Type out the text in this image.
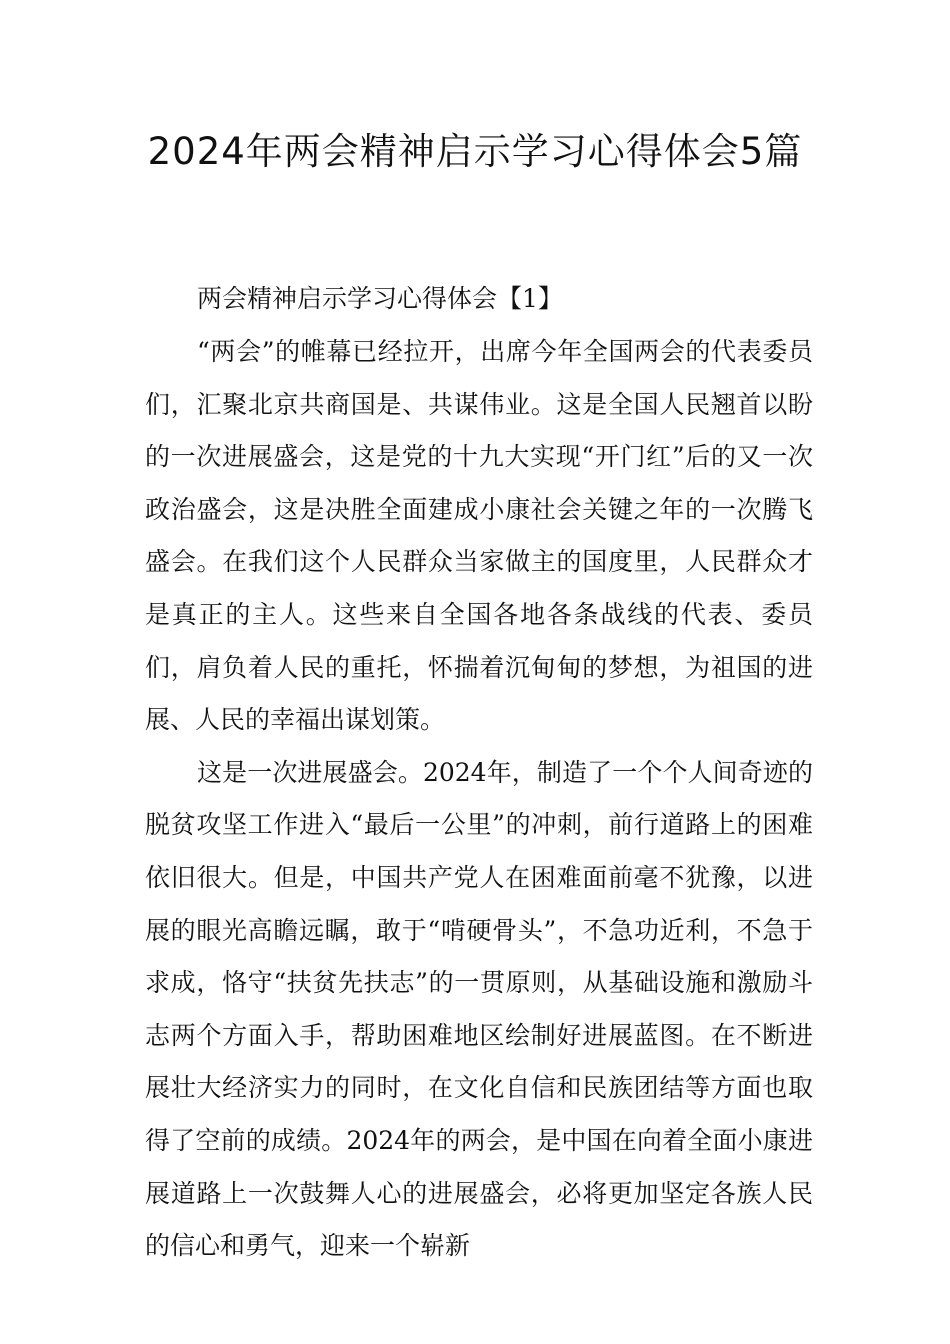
2024年两会精神启示学习心得体会5篇
两会精神启示学习心得体会【1】

“两会”的帷幕已经拉开，出席今年全国两会的代表委员们，汇聚北京共商国是、共谋伟业。这是全国人民翘首以盼的一次进展盛会，这是党的十九大实现“开门红”后的又一次政治盛会，这是决胜全面建成小康社会关键之年的一次腾飞盛会。在我们这个人民群众当家做主的国度里，人民群众才是真正的主人。这些来自全国各地各条战线的代表、委员们，肩负着人民的重托，怀揣着沉甸甸的梦想，为祖国的进展、人民的幸福出谋划策。

这是一次进展盛会。2024年，制造了一个个人间奇迹的脱贫攻坚工作进入“最后一公里”的冲刺，前行道路上的困难依旧很大。但是，中国共产党人在困难面前毫不犹豫，以进展的眼光高瞻远瞩，敢于“啃硬骨头”，不急功近利，不急于求成，恪守“扶贫先扶志”的一贯原则，从基础设施和激励斗志两个方面入手，帮助困难地区绘制好进展蓝图。在不断进展壮大经济实力的同时，在文化自信和民族团结等方面也取得了空前的成绩。2024年的两会，是中国在向着全面小康进展道路上一次鼓舞人心的进展盛会，必将更加坚定各族人民的信心和勇气，迎来一个崭新
